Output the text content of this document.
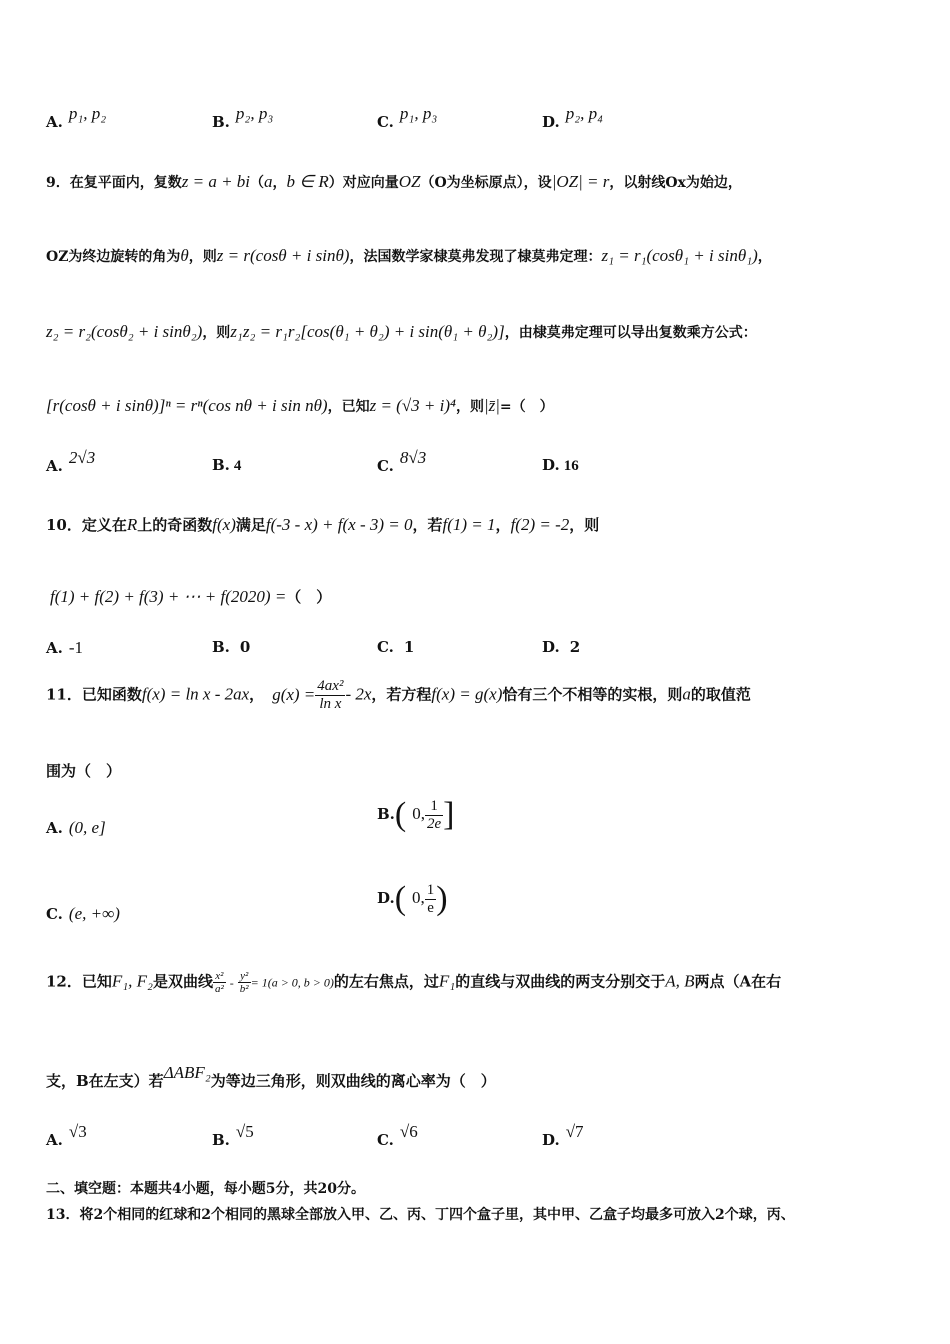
A. p₁, p₂	B. p₂, p₃	C. p₁, p₃	D. p₂, p₄
9．在复平面内，复数z = a + bi（a，b ∈ R）对应向量OZ（O为坐标原点），设|OZ| = r，以射线Ox为始边，
OZ为终边旋转的角为θ，则z = r(cosθ + i sinθ)，法国数学家棣莫弗发现了棣莫弗定理：z₁ = r₁(cosθ₁ + i sinθ₁)，
z₂ = r₂(cosθ₂ + i sinθ₂)，则z₁z₂ = r₁r₂[cos(θ₁ + θ₂) + i sin(θ₁ + θ₂)]，由棣莫弗定理可以导出复数乘方公式：
[r(cosθ + i sinθ)]ⁿ = rⁿ(cos nθ + i sin nθ)，已知z = (√3 + i)⁴，则|z̄|=（　）
A. 2√3	B. 4	C. 8√3	D. 16
10．定义在R上的奇函数f(x)满足f(-3 - x) + f(x - 3) = 0，若f(1) = 1，f(2) = -2，则
f(1) + f(2) + f(3) + ⋯ + f(2020) =（　）
A. -1	B. 0	C. 1	D. 2
11．已知函数f(x) = ln x - 2ax， $g(x) = \frac{\text{4ax²}}{\text{ln x}} - 2x$，若方程f(x) = g(x)恰有三个不相等的实根，则a的取值范
围为（　）
A. (0, e]
B.( 0, $\frac{1}{2e}$ ]
C. (e, +∞)
D.( 0, $\frac{1}{e}$ )
12．已知F₁, F₂是双曲线 $\frac{\text{x²}}{\text{a²}} - \frac{\text{y²}}{\text{b²}} = 1(a > 0$, b > 0)的左右焦点，过F₁的直线与双曲线的两支分别交于A, B两点（A在右
支，B在左支）若ΔABF₂为等边三角形，则双曲线的离心率为（　）
A. √3	B. √5	C. √6	D. √7
二、填空题：本题共4小题，每小题5分，共20分。
13．将2个相同的红球和2个相同的黑球全部放入甲、乙、丙、丁四个盒子里，其中甲、乙盒子均最多可放入2个球，丙、
